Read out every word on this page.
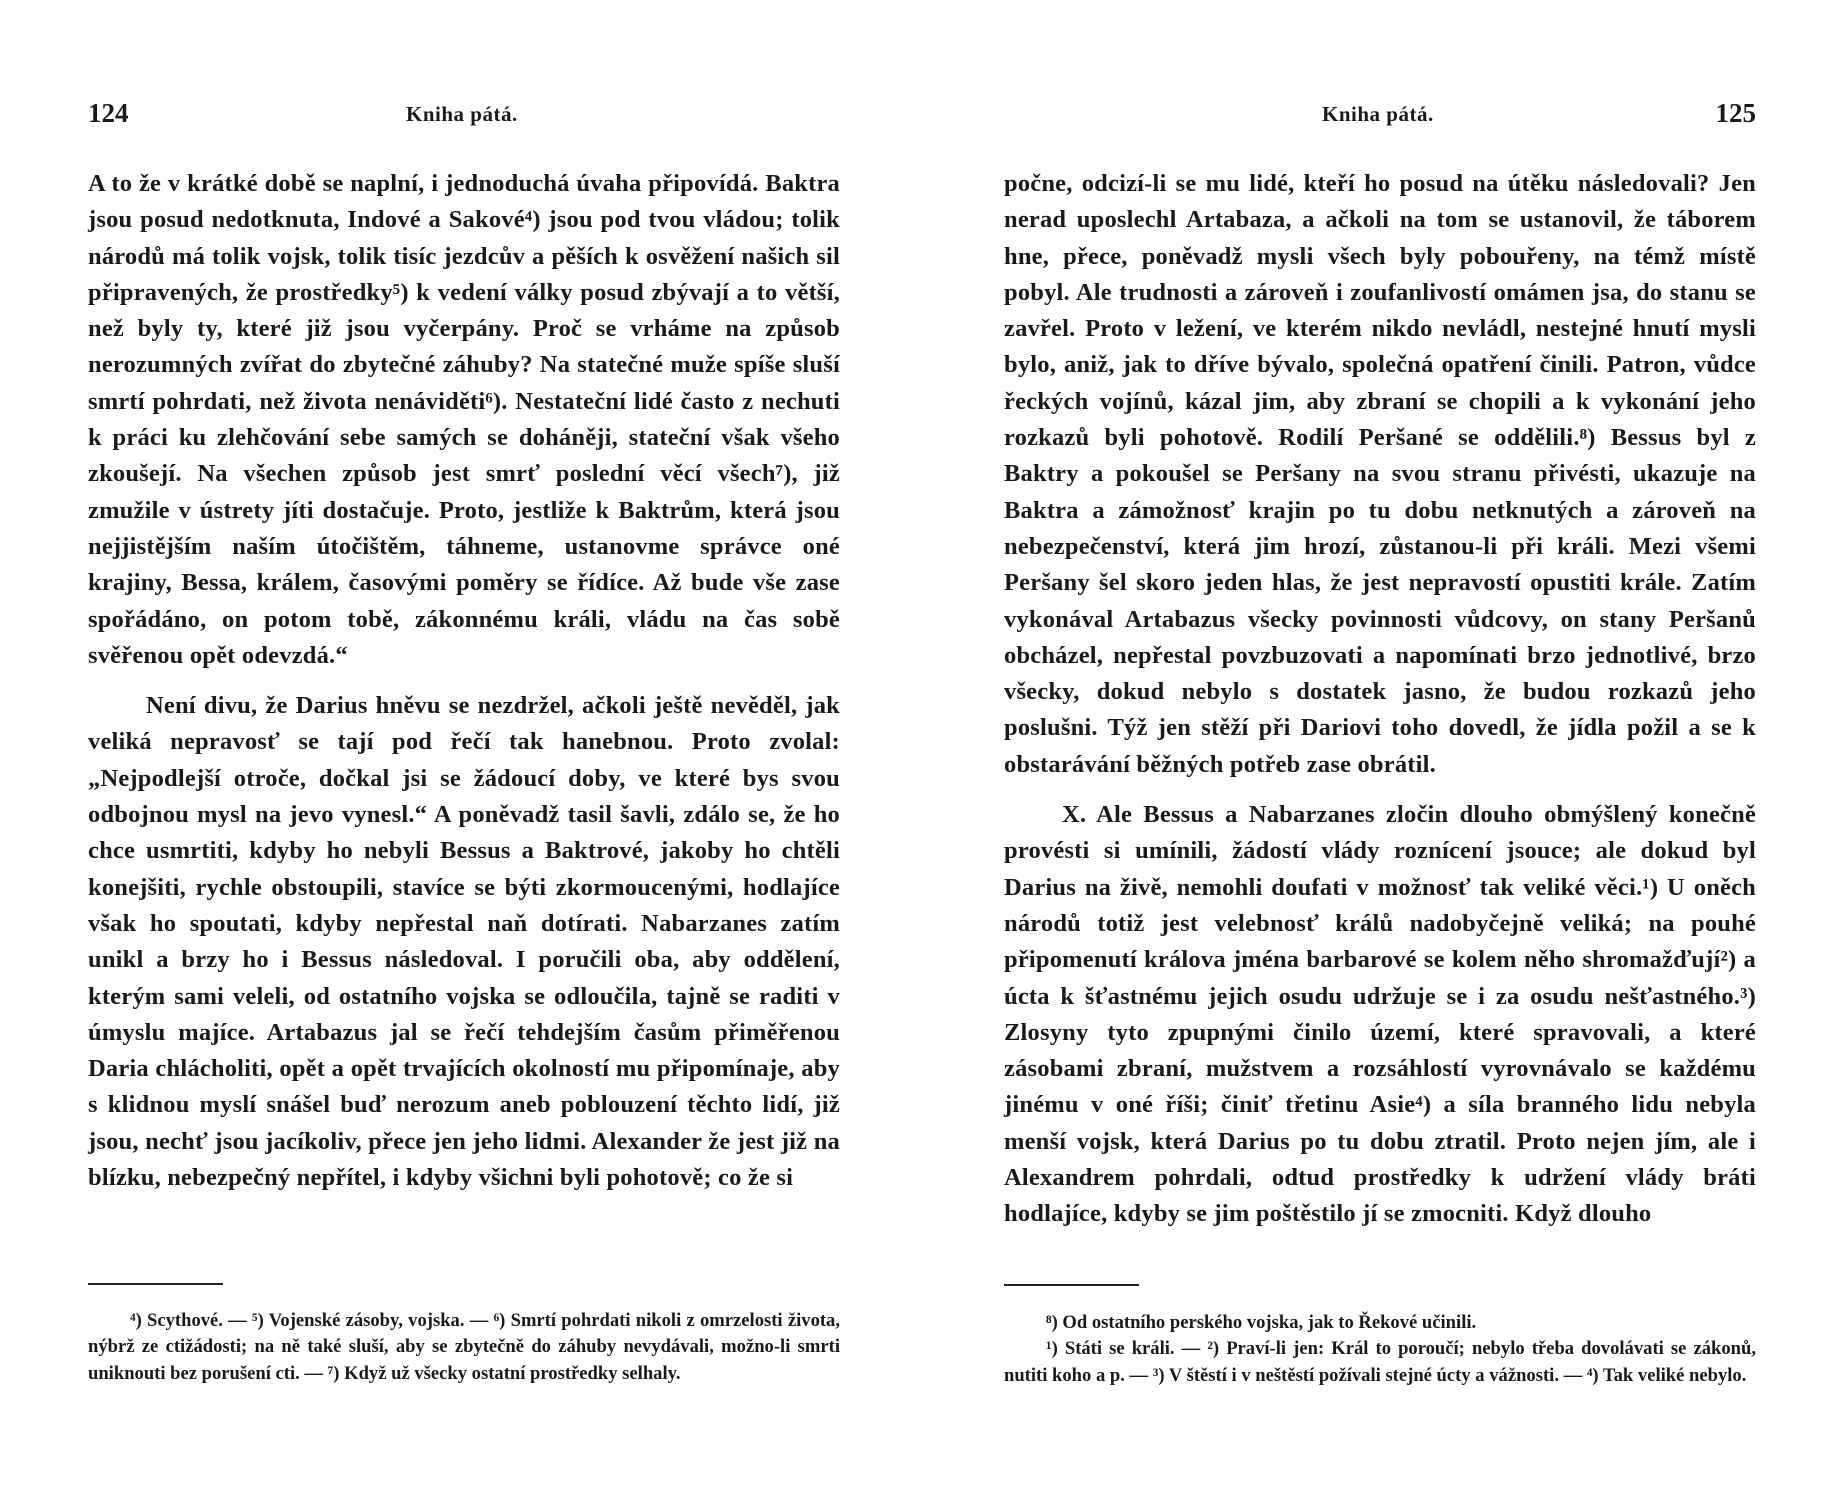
124	Kniha pátá.

A to že v krátké době se naplní, i jednoduchá úvaha připovídá. Baktra jsou posud nedotknuta, Indové a Sakové⁴) jsou pod tvou vládou; tolik národů má tolik vojsk, tolik tisíc jezdcův a pěších k osvěžení našich sil připravených, že prostředky⁵) k vedení války posud zbývají a to větší, než byly ty, které již jsou vyčerpány. Proč se vrháme na způsob nerozumných zvířat do zbytečné záhuby? Na statečné muže spíše sluší smrtí pohrdati, než života nenáviděti⁶). Nestateční lidé často z nechuti k práci ku zlehčování sebe samých se doháněji, stateční však všeho zkoušejí. Na všechen způsob jest smrť poslední věcí všech⁷), již zmužile v ústrety jíti dostačuje. Proto, jestliže k Baktrům, která jsou nejjistějším naším útočištěm, táhneme, ustanovme správce oné krajiny, Bessa, králem, časovými poměry se řídíce. Až bude vše zase spořádáno, on potom tobě, zákonnému králi, vládu na čas sobě svěřenou opět odevzdá.“

Není divu, že Darius hněvu se nezdržel, ačkoli ještě nevěděl, jak veliká nepravosť se tají pod řečí tak hanebnou. Proto zvolal: „Nejpodlejší otroče, dočkal jsi se žádoucí doby, ve které bys svou odbojnou mysl na jevo vynesl.“ A poněvadž tasil šavli, zdálo se, že ho chce usmrtiti, kdyby ho nebyli Bessus a Baktrové, jakoby ho chtěli konejšiti, rychle obstoupili, stavíce se býti zkormoucenými, hodlajíce však ho spoutati, kdyby nepřestal naň dotírati. Nabarzanes zatím unikl a brzy ho i Bessus následoval. I poručili oba, aby oddělení, kterým sami veleli, od ostatního vojska se odloučila, tajně se raditi v úmyslu majíce. Artabazus jal se řečí tehdejším časům přiměřenou Daria chlácholiti, opět a opět trvajících okolností mu připomínaje, aby s klidnou myslí snášel buď nerozum aneb poblouzení těchto lidí, již jsou, nechť jsou jacíkoliv, přece jen jeho lidmi. Alexander že jest již na blízku, nebezpečný nepřítel, i kdyby všichni byli pohotově; co že si

⁴) Scythové. — ⁵) Vojenské zásoby, vojska. — ⁶) Smrtí pohrdati nikoli z omrzelosti života, nýbrž ze ctižádosti; na ně také sluší, aby se zbytečně do záhuby nevydávali, možno-li smrti uniknouti bez porušení cti. — ⁷) Když už všecky ostatní prostředky selhaly.

Kniha pátá.	125

počne, odcizí-li se mu lidé, kteří ho posud na útěku následovali? Jen nerad uposlechl Artabaza, a ačkoli na tom se ustanovil, že táborem hne, přece, poněvadž mysli všech byly pobouřeny, na témž místě pobyl. Ale trudnosti a zároveň i zoufanlivostí omámen jsa, do stanu se zavřel. Proto v ležení, ve kterém nikdo nevládl, nestejné hnutí mysli bylo, aniž, jak to dříve bývalo, společná opatření činili. Patron, vůdce řeckých vojínů, kázal jim, aby zbraní se chopili a k vykonání jeho rozkazů byli pohotově. Rodilí Peršané se oddělili.⁸) Bessus byl z Baktry a pokoušel se Peršany na svou stranu přivésti, ukazuje na Baktra a zámožnosť krajin po tu dobu netknutých a zároveň na nebezpečenství, která jim hrozí, zůstanou-li při králi. Mezi všemi Peršany šel skoro jeden hlas, že jest nepravostí opustiti krále. Zatím vykonával Artabazus všecky povinnosti vůdcovy, on stany Peršanů obcházel, nepřestal povzbuzovati a napomínati brzo jednotlivé, brzo všecky, dokud nebylo s dostatek jasno, že budou rozkazů jeho poslušni. Týž jen stěží při Dariovi toho dovedl, že jídla požil a se k obstarávání běžných potřeb zase obrátil.

X. Ale Bessus a Nabarzanes zločin dlouho obmýšlený konečně provésti si umínili, žádostí vlády roznícení jsouce; ale dokud byl Darius na živě, nemohli doufati v možnosť tak veliké věci.¹) U oněch národů totiž jest velebnosť králů nadobyčejně veliká; na pouhé připomenutí králova jména barbarové se kolem něho shromažďují²) a úcta k šťastnému jejich osudu udržuje se i za osudu nešťastného.³) Zlosyny tyto zpupnými činilo území, které spravovali, a které zásobami zbraní, mužstvem a rozsáhlostí vyrovnávalo se každému jinému v oné říši; činiť třetinu Asie⁴) a síla branného lidu nebyla menší vojsk, která Darius po tu dobu ztratil. Proto nejen jím, ale i Alexandrem pohrdali, odtud prostředky k udržení vlády bráti hodlajíce, kdyby se jim poštěstilo jí se zmocniti. Když dlouho

⁸) Od ostatního perského vojska, jak to Řekové učinili.

¹) Státi se králi. — ²) Praví-li jen: Král to poroučí; nebylo třeba dovolávati se zákonů, nutiti koho a p. — ³) V štěstí i v neštěstí požívali stejné úcty a vážnosti. — ⁴) Tak veliké nebylo.
